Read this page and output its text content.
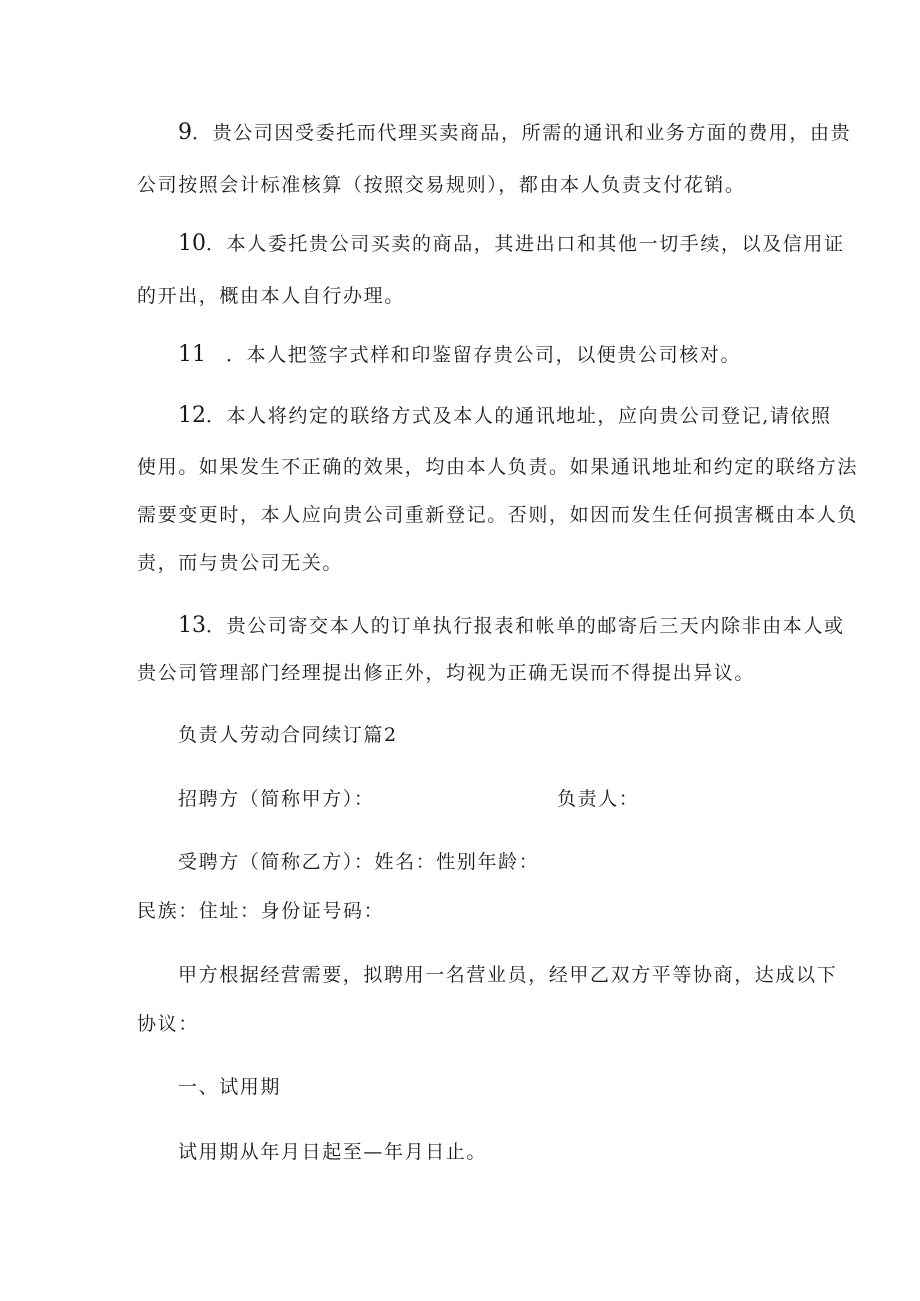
9．贵公司因受委托而代理买卖商品，所需的通讯和业务方面的费用，由贵
公司按照会计标准核算（按照交易规则），都由本人负责支付花销。
10．本人委托贵公司买卖的商品，其进出口和其他一切手续，以及信用证
的开出，概由本人自行办理。
11 ．本人把签字式样和印鉴留存贵公司，以便贵公司核对。
12．本人将约定的联络方式及本人的通讯地址，应向贵公司登记,请依照
使用。如果发生不正确的效果，均由本人负责。如果通讯地址和约定的联络方法
需要变更时，本人应向贵公司重新登记。否则，如因而发生任何损害概由本人负
责，而与贵公司无关。
13．贵公司寄交本人的订单执行报表和帐单的邮寄后三天内除非由本人或
贵公司管理部门经理提出修正外，均视为正确无误而不得提出异议。
负责人劳动合同续订篇2
招聘方（简称甲方）：	负责人：
受聘方（简称乙方）：姓名：性别年龄：
民族：住址：身份证号码：
甲方根据经营需要，拟聘用一名营业员，经甲乙双方平等协商，达成以下
协议：
一、试用期
试用期从年月日起至—年月日止。
